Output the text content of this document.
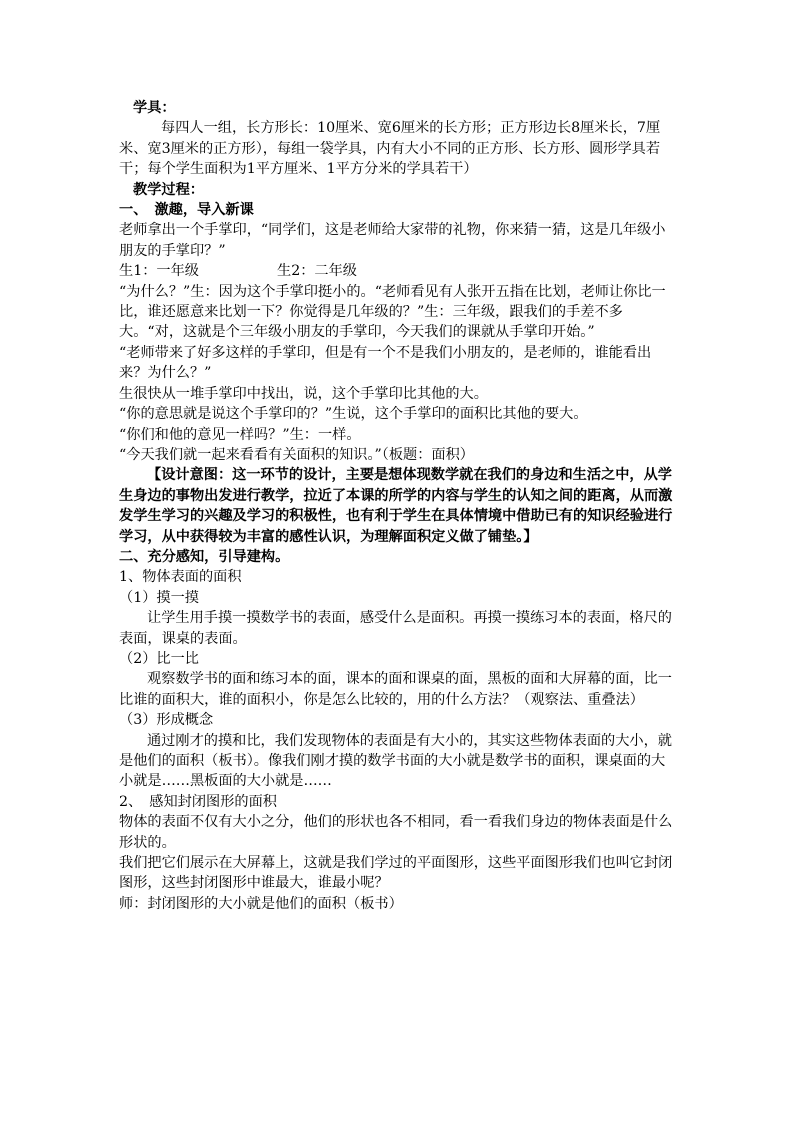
学具：

每四人一组，长方形长：10厘米、宽6厘米的长方形；正方形边长8厘米长，7厘米、宽3厘米的正方形），每组一袋学具，内有大小不同的正方形、长方形、圆形学具若干；每个学生面积为1平方厘米、1平方分米的学具若干）

教学过程：

一、　激趣，导入新课

老师拿出一个手掌印，“同学们，这是老师给大家带的礼物，你来猜一猜，这是几年级小朋友的手掌印？”

生1：一年级	生2：二年级

“为什么？”生：因为这个手掌印挺小的。“老师看见有人张开五指在比划，老师让你比一比，谁还愿意来比划一下？你觉得是几年级的？”生：三年级，跟我们的手差不多大。“对，这就是个三年级小朋友的手掌印，今天我们的课就从手掌印开始。”

“老师带来了好多这样的手掌印，但是有一个不是我们小朋友的，是老师的，谁能看出来？为什么？”

生很快从一堆手掌印中找出，说，这个手掌印比其他的大。

“你的意思就是说这个手掌印的？”生说，这个手掌印的面积比其他的要大。

“你们和他的意见一样吗？”生：一样。

“今天我们就一起来看看有关面积的知识。”（板题：面积）

【设计意图：这一环节的设计，主要是想体现数学就在我们的身边和生活之中，从学生身边的事物出发进行教学，拉近了本课的所学的内容与学生的认知之间的距离，从而激发学生学习的兴趣及学习的积极性，也有利于学生在具体情境中借助已有的知识经验进行学习，从中获得较为丰富的感性认识，为理解面积定义做了铺垫。】

二、充分感知，引导建构。

1、物体表面的面积

（1）摸一摸

让学生用手摸一摸数学书的表面，感受什么是面积。再摸一摸练习本的表面，格尺的表面，课桌的表面。

（2）比一比

观察数学书的面和练习本的面，课本的面和课桌的面，黑板的面和大屏幕的面，比一比谁的面积大，谁的面积小，你是怎么比较的，用的什么方法？（观察法、重叠法）

（3）形成概念

通过刚才的摸和比，我们发现物体的表面是有大小的，其实这些物体表面的大小，就是他们的面积（板书）。像我们刚才摸的数学书面的大小就是数学书的面积，课桌面的大小就是……黑板面的大小就是……

2、　感知封闭图形的面积

物体的表面不仅有大小之分，他们的形状也各不相同，看一看我们身边的物体表面是什么形状的。

我们把它们展示在大屏幕上，这就是我们学过的平面图形，这些平面图形我们也叫它封闭图形，这些封闭图形中谁最大，谁最小呢？

师：封闭图形的大小就是他们的面积（板书）
